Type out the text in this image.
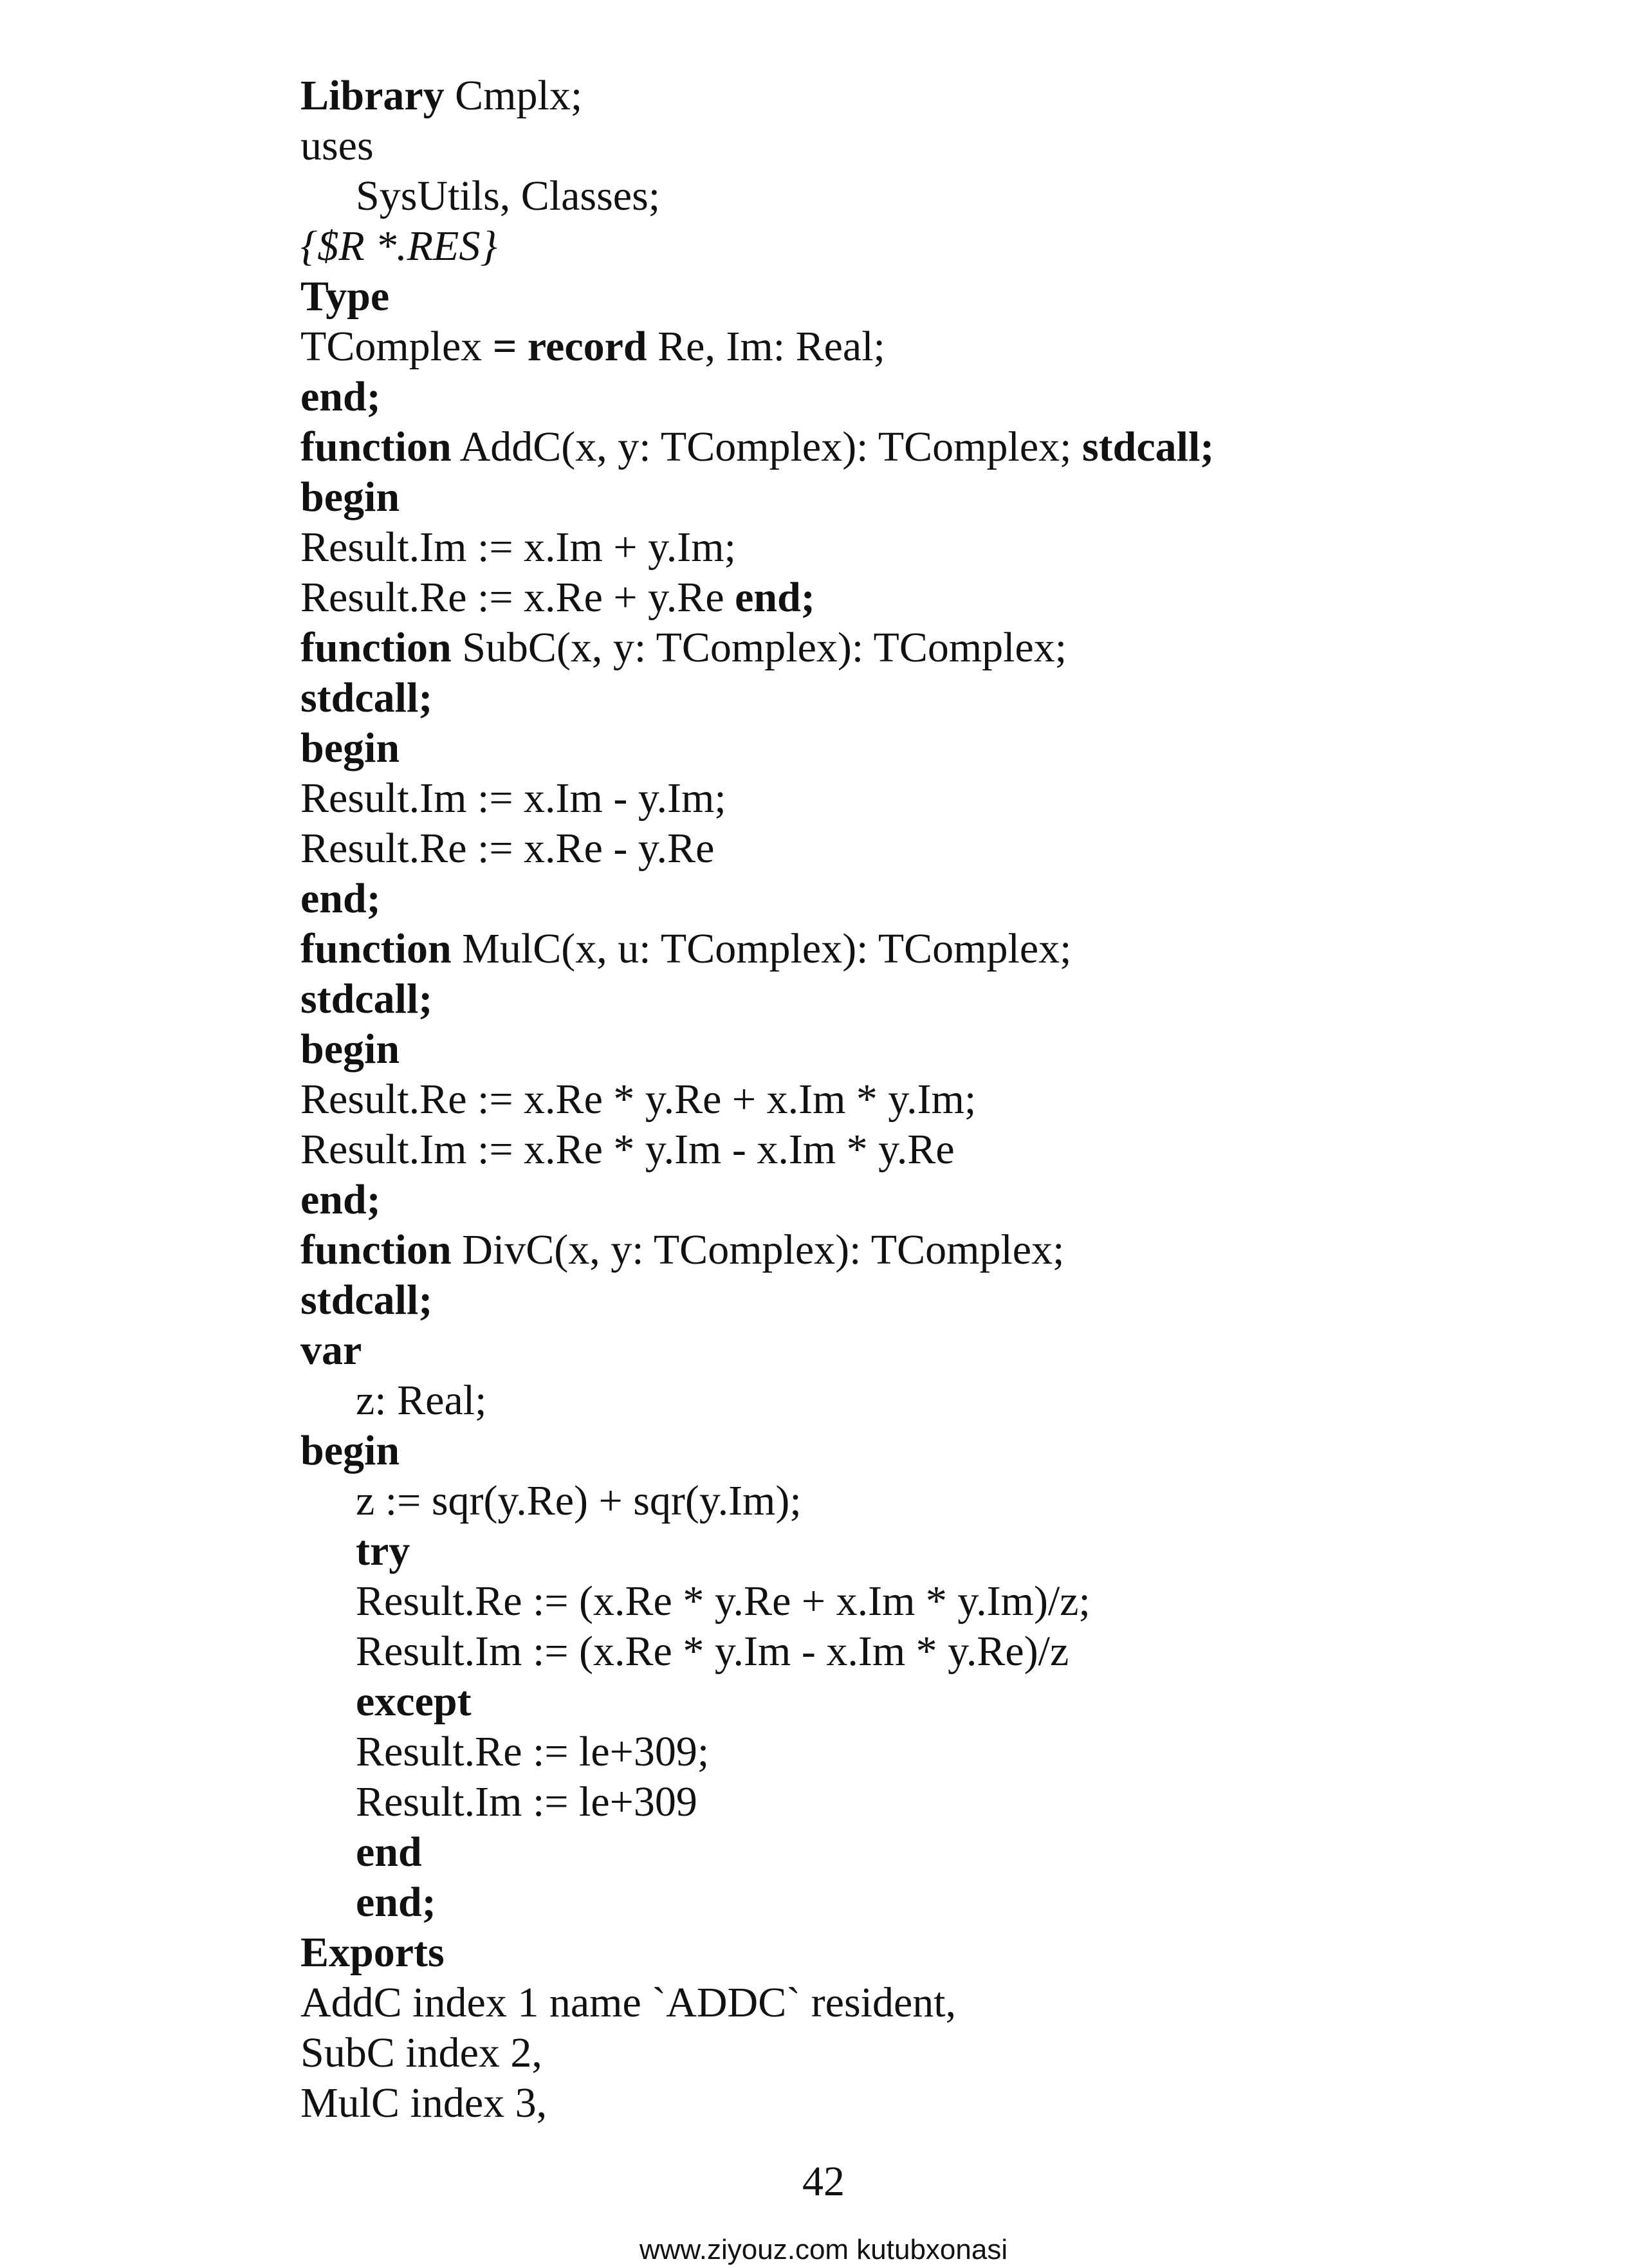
Library Cmplx;
uses
SysUtils, Classes;
{$R *.RES}
Type
TComplex = record Re, Im: Real;
end;
function AddC(x, y: TComplex): TComplex; stdcall;
begin
Result.Im := x.Im + y.Im;
Result.Re := x.Re + y.Re end;
function SubC(x, y: TComplex): TComplex;
stdcall;
begin
Result.Im := x.Im - y.Im;
Result.Re := x.Re - y.Re
end;
function MulC(x, u: TComplex): TComplex;
stdcall;
begin
Result.Re := x.Re * y.Re + x.Im * y.Im;
Result.Im := x.Re * y.Im - x.Im * y.Re
end;
function DivC(x, y: TComplex): TComplex;
stdcall;
var
z: Real;
begin
z := sqr(y.Re) + sqr(y.Im);
try
Result.Re := (x.Re * y.Re + x.Im * y.Im)/z;
Result.Im := (x.Re * y.Im - x.Im * y.Re)/z
except
Result.Re := le+309;
Result.Im := le+309
end
end;
Exports
AddC index 1 name `ADDC` resident,
SubC index 2,
MulC index 3,
42
www.ziyouz.com kutubxonasi
